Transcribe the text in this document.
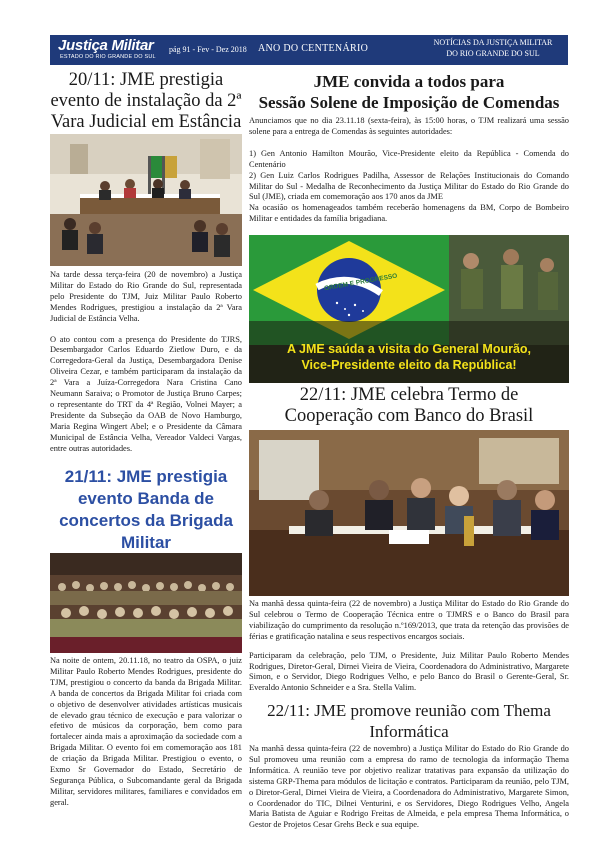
Justiça Militar
ESTADO DO RIO GRANDE DO SUL
pág 91 - Fev - Dez 2018 ANO DO CENTENÁRIO
NOTÍCIAS DA JUSTIÇA MILITAR
DO RIO GRANDE DO SUL
20/11: JME prestigia evento de instalação da 2ª Vara Judicial em Estância

Na tarde dessa terça-feira (20 de novembro) a Justiça Militar do Estado do Rio Grande do Sul, representada pelo Presidente do TJM, Juiz Militar Paulo Roberto Mendes Rodrigues, prestigiou a instalação da 2ª Vara Judicial de Estância Velha.

O ato contou com a presença do Presidente do TJRS, Desembargador Carlos Eduardo Zietlow Duro, e da Corregedora-Geral da Justiça, Desembargadora Denise Oliveira Cezar, e também participaram da instalação da 2ª Vara a Juíza-Corregedora Nara Cristina Cano Neumann Saraiva; o Promotor de Justiça Bruno Carpes; o representante do TRT da 4ª Região, Volnei Mayer; a Presidente da Subseção da OAB de Novo Hamburgo, Maria Regina Wingert Abel; e o Presidente da Câmara Municipal de Estância Velha, Vereador Valdeci Vargas, entre outras autoridades.

21/11: JME prestigia evento Banda de concertos da Brigada Militar

Na noite de ontem, 20.11.18, no teatro da OSPA, o juiz Militar Paulo Roberto Mendes Rodrigues, presidente do TJM, prestigiou o concerto da banda da Brigada Militar. A banda de concertos da Brigada Militar foi criada com o objetivo de desenvolver atividades artísticas musicais de elevado grau técnico de execução e para valorizar o efetivo de músicos da corporação, bem como para fortalecer ainda mais a aproximação da sociedade com a Brigada Militar. O evento foi em comemoração aos 181 de criação da Brigada Militar. Prestigiou o evento, o Exmo Sr Governador do Estado, Secretário de Segurança Pública, o Subcomandante geral da Brigada Militar, servidores militares, familiares e convidados em geral.

JME convida a todos para
Sessão Solene de Imposição de Comendas

Anunciamos que no dia 23.11.18 (sexta-feira), às 15:00 horas, o TJM realizará uma sessão solene para a entrega de Comendas às seguintes autoridades:

1) Gen Antonio Hamilton Mourão, Vice-Presidente eleito da República - Comenda do Centenário

2) Gen Luiz Carlos Rodrigues Padilha, Assessor de Relações Institucionais do Comando Militar do Sul - Medalha de Reconhecimento da Justiça Militar do Estado do Rio Grande do Sul (JME), criada em comemoração aos 170 anos da JME

Na ocasião os homenageados também receberão homenagens da BM, Corpo de Bombeiro Militar e entidades da família brigadiana.

ORDEM E PROGRESSO
A JME saúda a visita do General Mourão,
Vice-Presidente eleito da República!
22/11: JME celebra Termo de
Cooperação com Banco do Brasil

Na manhã dessa quinta-feira (22 de novembro) a Justiça Militar do Estado do Rio Grande do Sul celebrou o Termo de Cooperação Técnica entre o TJMRS e o Banco do Brasil para viabilização do cumprimento da resolução n.º169/2013, que trata da retenção das provisões de férias e gratificação natalina e seus respectivos encargos sociais.

Participaram da celebração, pelo TJM, o Presidente, Juiz Militar Paulo Roberto Mendes Rodrigues, Diretor-Geral, Dirnei Vieira de Vieira, Coordenadora do Administrativo, Margarete Simon, e o Servidor, Diego Rodrigues Velho, e pelo Banco do Brasil o Gerente-Geral, Sr. Everaldo Antonio Schneider e a Sra. Stella Valim.

22/11: JME promove reunião com Thema Informática

Na manhã dessa quinta-feira (22 de novembro) a Justiça Militar do Estado do Rio Grande do Sul promoveu uma reunião com a empresa do ramo de tecnologia da informação Thema Informática. A reunião teve por objetivo realizar tratativas para expansão da utilização do sistema GRP-Thema para módulos de licitação e contratos. Participaram da reunião, pelo TJM, o Diretor-Geral, Dirnei Vieira de Vieira, a Coordenadora do Administrativo, Margarete Simon, o Coordenador do TIC, Dilnei Venturini, e os Servidores, Diego Rodrigues Velho, Angela Maria Batista de Aguiar e Rodrigo Freitas de Almeida, e pela empresa Thema Informática, o Gestor de Projetos Cesar Grehs Beck e sua equipe.
